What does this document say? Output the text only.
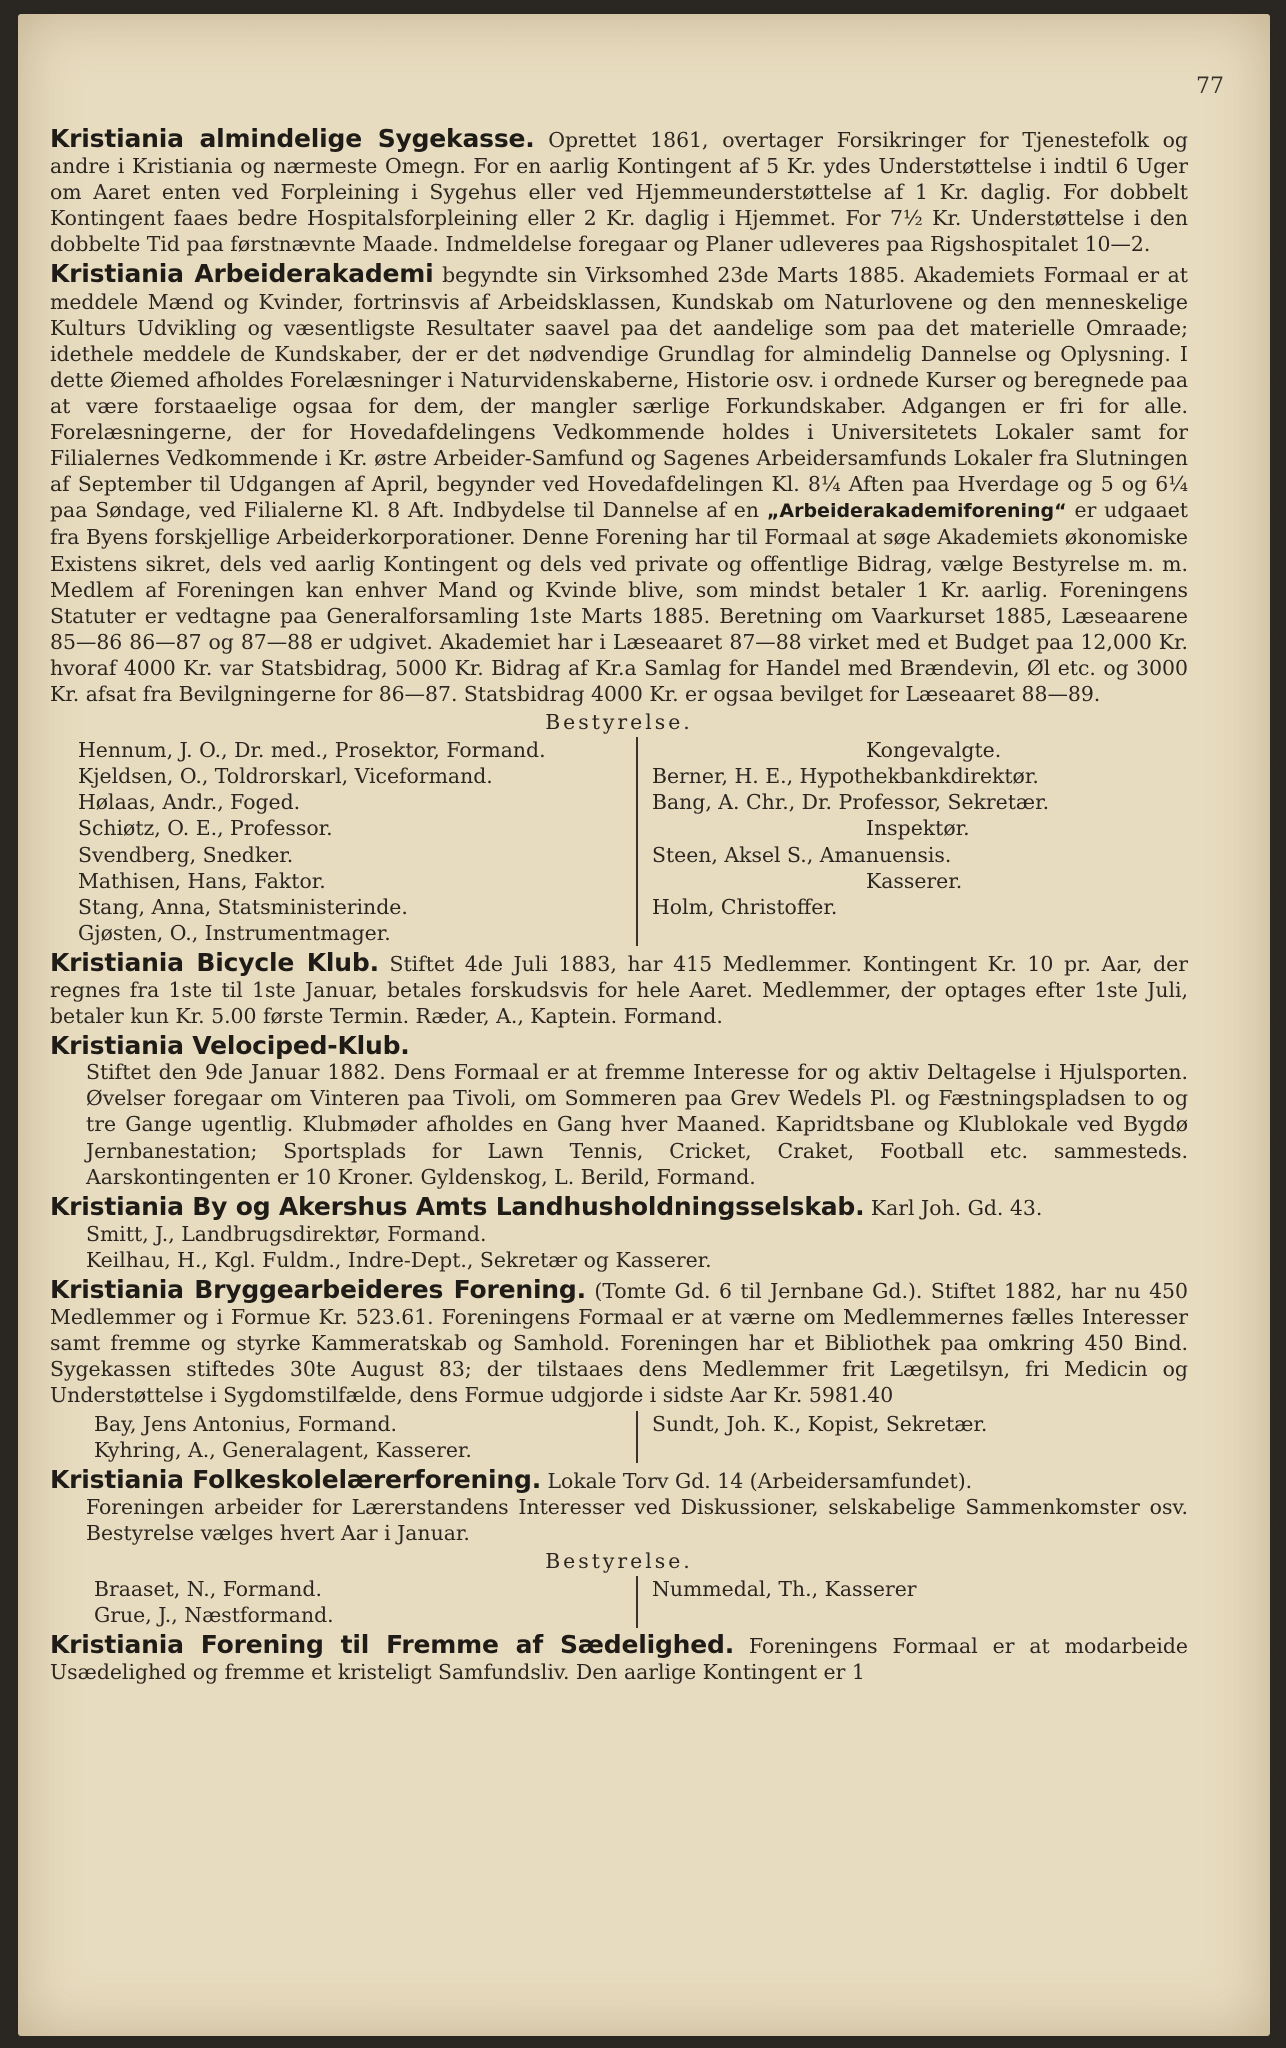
77

Kristiania almindelige Sygekasse. Oprettet 1861, overtager Forsikringer for Tjenestefolk og andre i Kristiania og nærmeste Omegn. For en aarlig Kontingent af 5 Kr. ydes Understøttelse i indtil 6 Uger om Aaret enten ved Forpleining i Sygehus eller ved Hjemmeunderstøttelse af 1 Kr. daglig. For dobbelt Kontingent faaes bedre Hospitalsforpleining eller 2 Kr. daglig i Hjemmet. For 7½ Kr. Understøttelse i den dobbelte Tid paa førstnævnte Maade. Indmeldelse foregaar og Planer udleveres paa Rigshospitalet 10—2.

Kristiania Arbeiderakademi begyndte sin Virksomhed 23de Marts 1885. Akademiets Formaal er at meddele Mænd og Kvinder, fortrinsvis af Arbeidsklassen, Kundskab om Naturlovene og den menneskelige Kulturs Udvikling og væsentligste Resultater saavel paa det aandelige som paa det materielle Omraade; idethele meddele de Kundskaber, der er det nødvendige Grundlag for almindelig Dannelse og Oplysning. I dette Øiemed afholdes Forelæsninger i Naturvidenskaberne, Historie osv. i ordnede Kurser og beregnede paa at være forstaaelige ogsaa for dem, der mangler særlige Forkundskaber. Adgangen er fri for alle. Forelæsningerne, der for Hovedafdelingens Vedkommende holdes i Universitetets Lokaler samt for Filialernes Vedkommende i Kr. østre Arbeider-Samfund og Sagenes Arbeidersamfunds Lokaler fra Slutningen af September til Udgangen af April, begynder ved Hovedafdelingen Kl. 8¼ Aften paa Hverdage og 5 og 6¼ paa Søndage, ved Filialerne Kl. 8 Aft. Indbydelse til Dannelse af en „Arbeiderakademiforening“ er udgaaet fra Byens forskjellige Arbeiderkorporationer. Denne Forening har til Formaal at søge Akademiets økonomiske Existens sikret, dels ved aarlig Kontingent og dels ved private og offentlige Bidrag, vælge Bestyrelse m. m. Medlem af Foreningen kan enhver Mand og Kvinde blive, som mindst betaler 1 Kr. aarlig. Foreningens Statuter er vedtagne paa Generalforsamling 1ste Marts 1885. Beretning om Vaarkurset 1885, Læseaarene 85—86 86—87 og 87—88 er udgivet. Akademiet har i Læseaaret 87—88 virket med et Budget paa 12,000 Kr. hvoraf 4000 Kr. var Statsbidrag, 5000 Kr. Bidrag af Kr.a Samlag for Handel med Brændevin, Øl etc. og 3000 Kr. afsat fra Bevilgningerne for 86—87. Statsbidrag 4000 Kr. er ogsaa bevilget for Læseaaret 88—89.

Bestyrelse.
Hennum, J. O., Dr. med., Prosektor, Formand.
Kjeldsen, O., Toldrorskarl, Viceformand.
Hølaas, Andr., Foged.
Schiøtz, O. E., Professor.
Svendberg, Snedker.
Mathisen, Hans, Faktor.
Stang, Anna, Statsministerinde.
Gjøsten, O., Instrumentmager.
Kongevalgte.
Berner, H. E., Hypothekbankdirektør.
Bang, A. Chr., Dr. Professor, Sekretær.
Inspektør.
Steen, Aksel S., Amanuensis.
Kasserer.
Holm, Christoffer.

Kristiania Bicycle Klub. Stiftet 4de Juli 1883, har 415 Medlemmer. Kontingent Kr. 10 pr. Aar, der regnes fra 1ste til 1ste Januar, betales forskudsvis for hele Aaret. Medlemmer, der optages efter 1ste Juli, betaler kun Kr. 5.00 første Termin. Ræder, A., Kaptein. Formand.

Kristiania Velociped-Klub.

Stiftet den 9de Januar 1882. Dens Formaal er at fremme Interesse for og aktiv Deltagelse i Hjulsporten. Øvelser foregaar om Vinteren paa Tivoli, om Sommeren paa Grev Wedels Pl. og Fæstningspladsen to og tre Gange ugentlig. Klubmøder afholdes en Gang hver Maaned. Kapridtsbane og Klublokale ved Bygdø Jernbanestation; Sportsplads for Lawn Tennis, Cricket, Craket, Football etc. sammesteds. Aarskontingenten er 10 Kroner. Gyldenskog, L. Berild, Formand.

Kristiania By og Akershus Amts Landhusholdningsselskab. Karl Joh. Gd. 43.

Smitt, J., Landbrugsdirektør, Formand.

Keilhau, H., Kgl. Fuldm., Indre-Dept., Sekretær og Kasserer.

Kristiania Bryggearbeideres Forening. (Tomte Gd. 6 til Jernbane Gd.). Stiftet 1882, har nu 450 Medlemmer og i Formue Kr. 523.61. Foreningens Formaal er at værne om Medlemmernes fælles Interesser samt fremme og styrke Kammeratskab og Samhold. Foreningen har et Bibliothek paa omkring 450 Bind. Sygekassen stiftedes 30te August 83; der tilstaaes dens Medlemmer frit Lægetilsyn, fri Medicin og Understøttelse i Sygdomstilfælde, dens Formue udgjorde i sidste Aar Kr. 5981.40

Bay, Jens Antonius, Formand.
Kyhring, A., Generalagent, Kasserer.
Sundt, Joh. K., Kopist, Sekretær.

Kristiania Folkeskolelærerforening. Lokale Torv Gd. 14 (Arbeidersamfundet).

Foreningen arbeider for Lærerstandens Interesser ved Diskussioner, selskabelige Sammenkomster osv. Bestyrelse vælges hvert Aar i Januar.

Bestyrelse.
Braaset, N., Formand.
Grue, J., Næstformand.
Nummedal, Th., Kasserer

Kristiania Forening til Fremme af Sædelighed. Foreningens Formaal er at modarbeide Usædelighed og fremme et kristeligt Samfundsliv. Den aarlige Kontingent er 1
